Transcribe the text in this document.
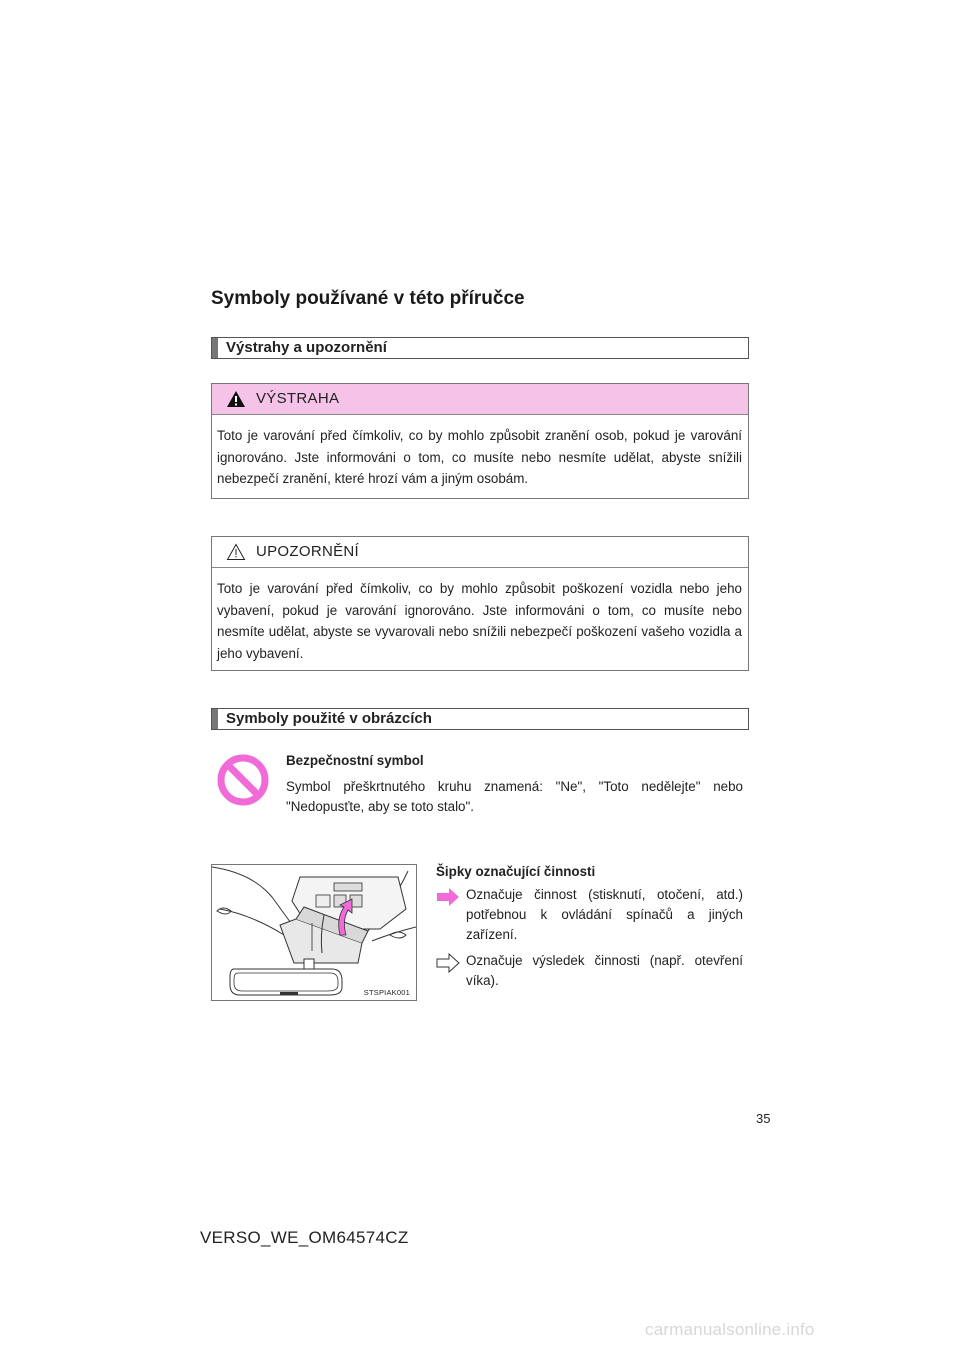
Symboly používané v této příručce
Výstrahy a upozornění
VÝSTRAHA
Toto je varování před čímkoliv, co by mohlo způsobit zranění osob, pokud je varování ignorováno. Jste informováni o tom, co musíte nebo nesmíte udělat, abyste snížili nebezpečí zranění, které hrozí vám a jiným osobám.
UPOZORNĚNÍ
Toto je varování před čímkoliv, co by mohlo způsobit poškození vozidla nebo jeho vybavení, pokud je varování ignorováno. Jste informováni o tom, co musíte nebo nesmíte udělat, abyste se vyvarovali nebo snížili nebezpečí poškození vašeho vozidla a jeho vybavení.
Symboly použité v obrázcích
Bezpečnostní symbol
Symbol přeškrtnutého kruhu znamená: "Ne", "Toto nedělejte" nebo "Nedopusťte, aby se toto stalo".
Šipky označující činnosti
Označuje činnost (stisknutí, otočení, atd.) potřebnou k ovládání spínačů a jiných zařízení.
Označuje výsledek činnosti (např. otevření víka).
STSPIAK001
35
VERSO_WE_OM64574CZ
carmanualsonline.info
